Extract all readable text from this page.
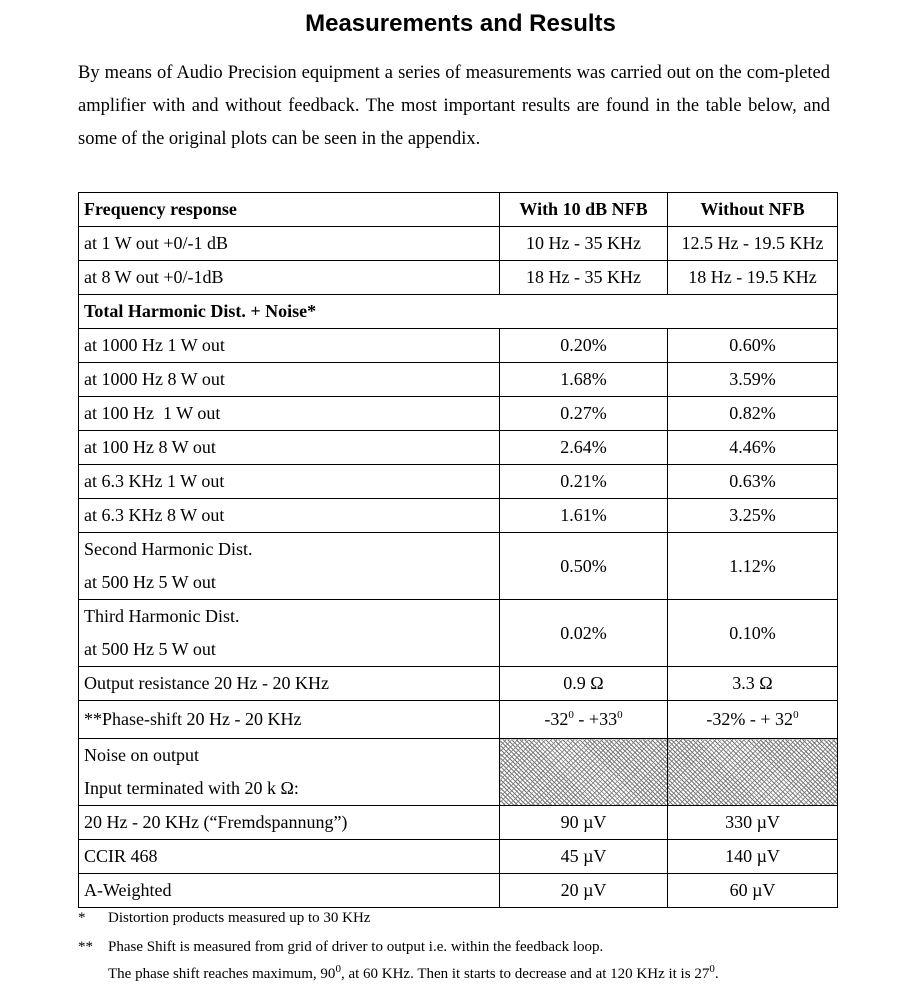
Measurements and Results
By means of Audio Precision equipment a series of measurements was carried out on the com-pleted amplifier with and without feedback. The most important results are found in the table below, and some of the original plots can be seen in the appendix.
Frequency response	With 10 dB NFB	Without NFB
at 1 W out +0/-1 dB	10 Hz - 35 KHz	12.5 Hz - 19.5 KHz
at 8 W out +0/-1dB	18 Hz - 35 KHz	18 Hz - 19.5 KHz
Total Harmonic Dist. + Noise*		
at 1000 Hz 1 W out	0.20%	0.60%
at 1000 Hz 8 W out	1.68%	3.59%
at 100 Hz  1 W out	0.27%	0.82%
at 100 Hz 8 W out	2.64%	4.46%
at 6.3 KHz 1 W out	0.21%	0.63%
at 6.3 KHz 8 W out	1.61%	3.25%

Second Harmonic Dist.
at 500 Hz 5 W out	0.50%	1.12%

Third Harmonic Dist.
at 500 Hz 5 W out	0.02%	0.10%
Output resistance 20 Hz - 20 KHz	0.9 Ω	3.3 Ω
**Phase-shift 20 Hz - 20 KHz	$-32^0 - +33^0$	-32% - + $32^0$

Noise on output
Input terminated with 20 k Ω:		

20 Hz - 20 KHz (“Fremdspannung”)	90 µV	330 µV
CCIR 468	45 µV	140 µV
A-Weighted	20 µV	60 µV
* Distortion products measured up to 30 KHz
** Phase Shift is measured from grid of driver to output i.e. within the feedback loop.
The phase shift reaches maximum, $90^0$, at 60 KHz. Then it starts to decrease and at 120 KHz it is $27^0$.
